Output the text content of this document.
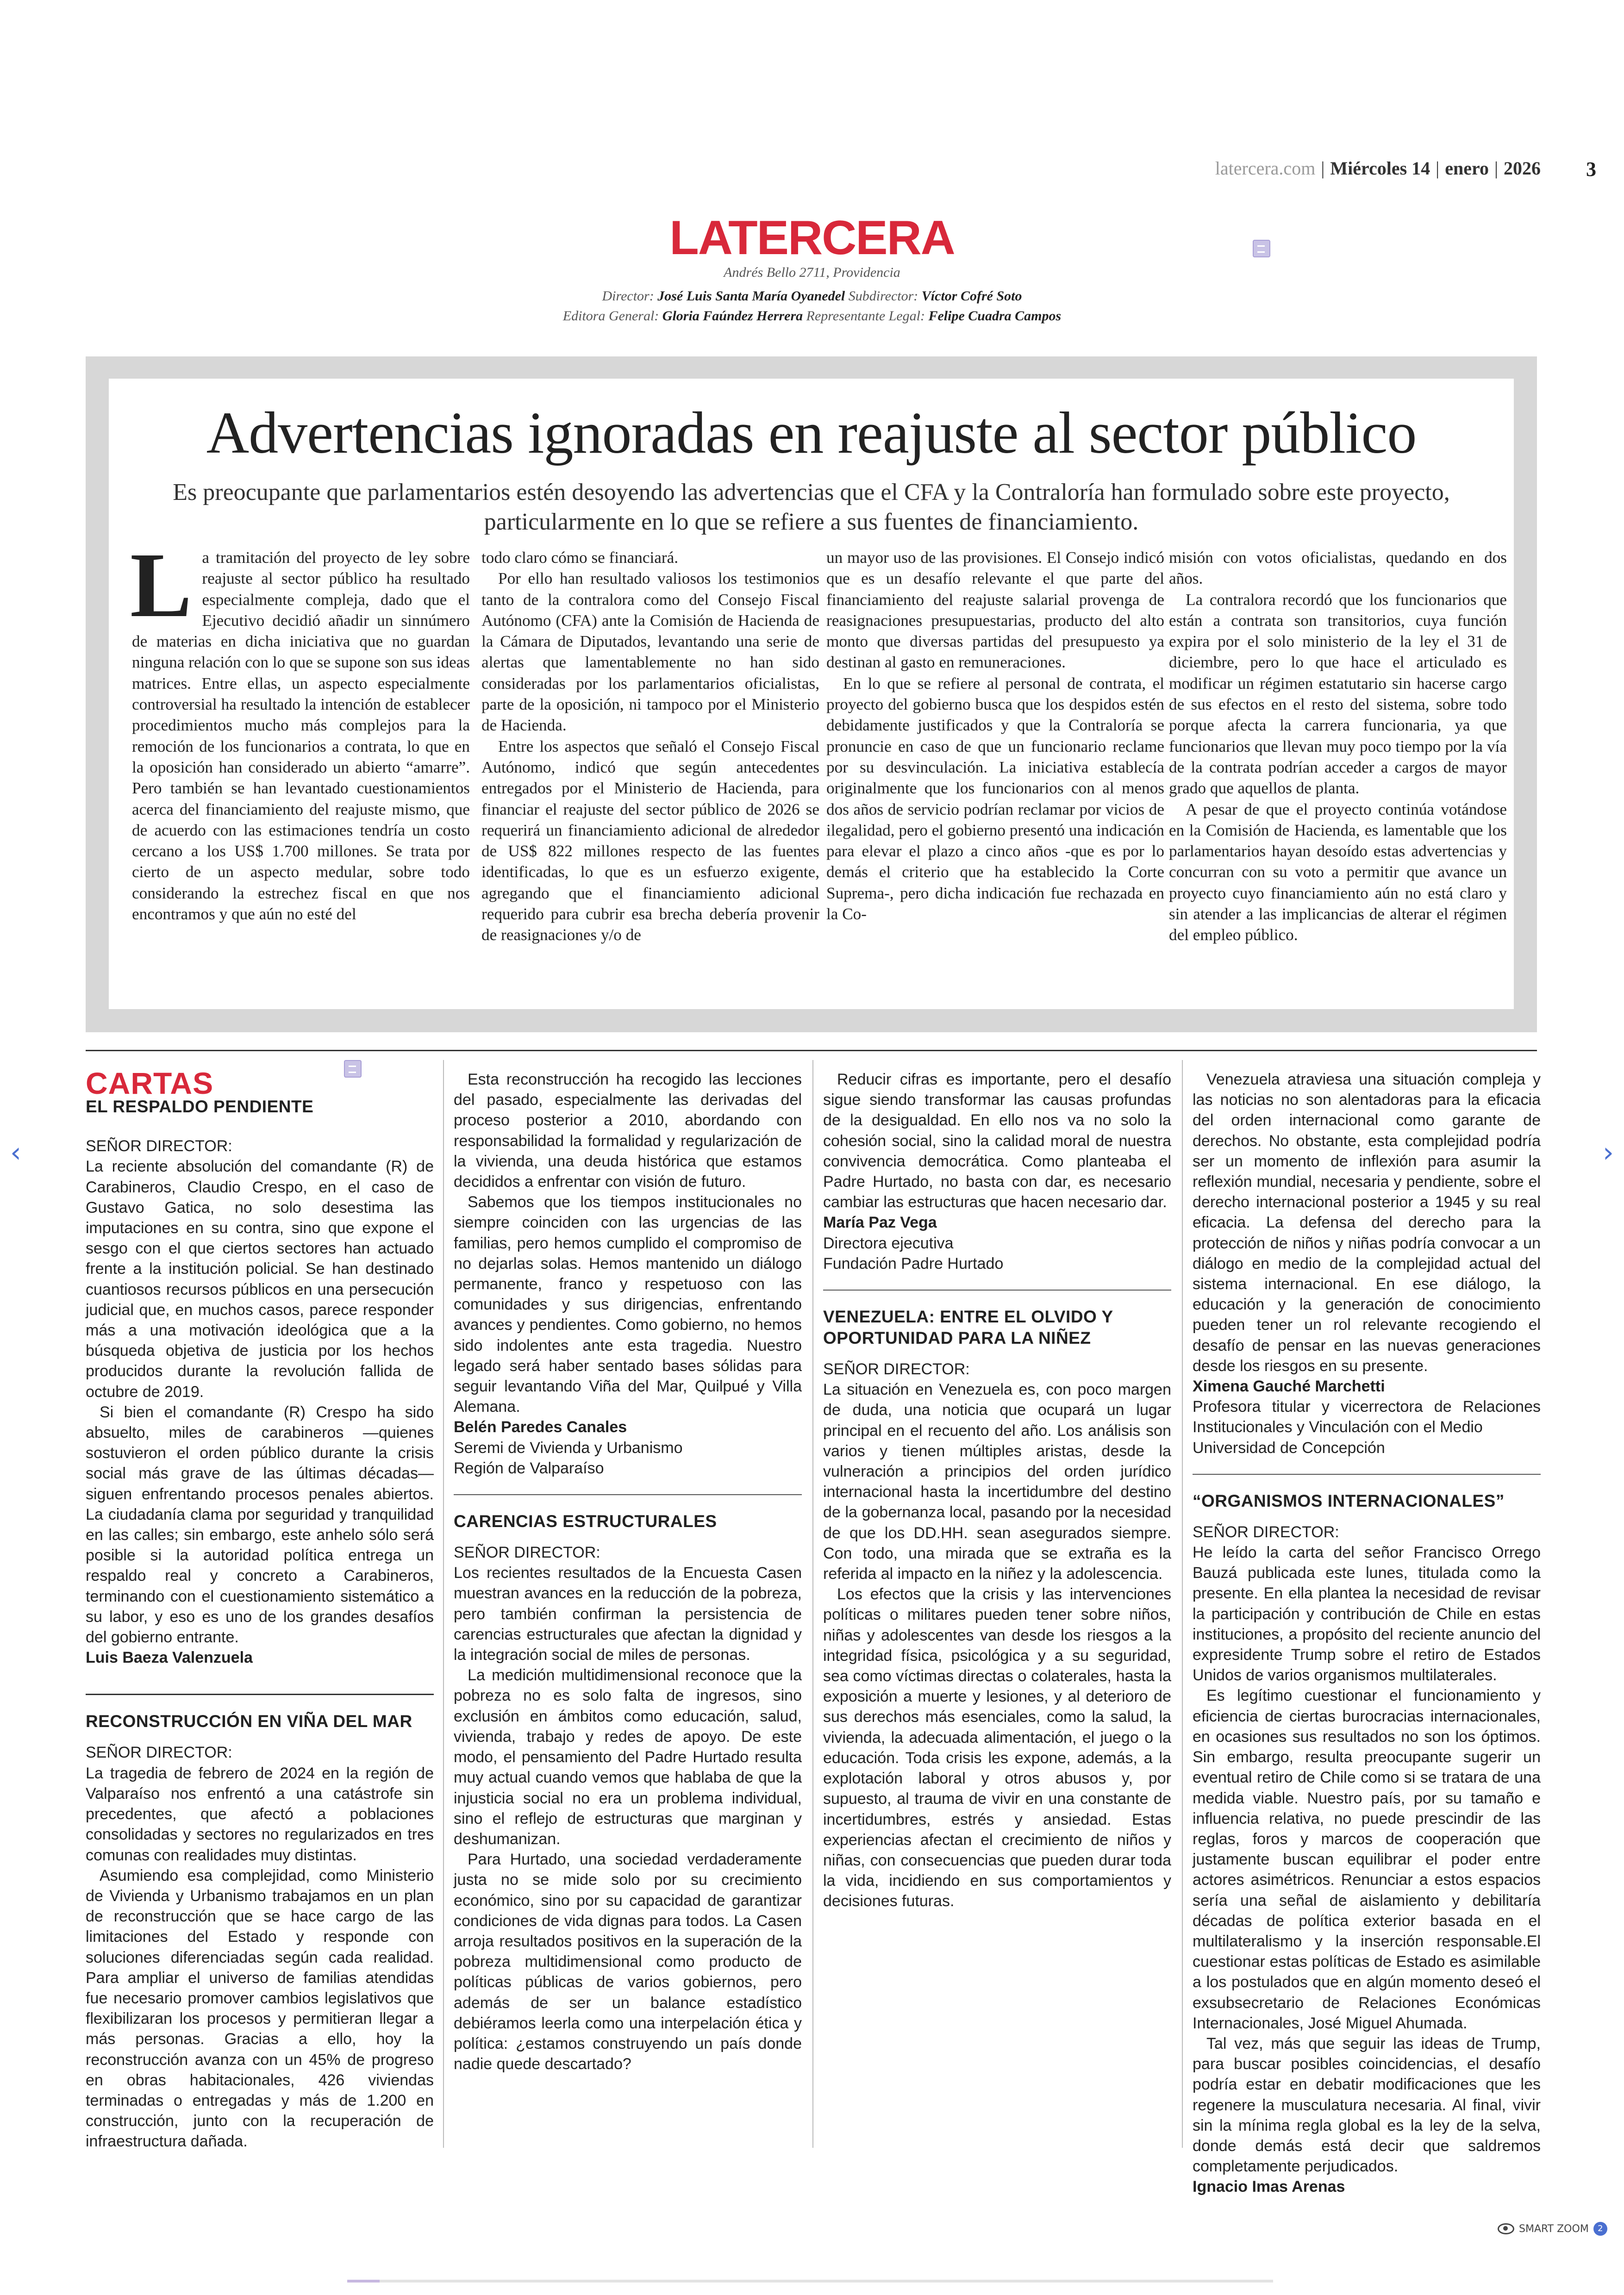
latercera.com | Miércoles 14 | enero | 2026 3
LATERCERA
Andrés Bello 2711, Providencia
Director: José Luis Santa María Oyanedel Subdirector: Víctor Cofré Soto
Editora General: Gloria Faúndez Herrera Representante Legal: Felipe Cuadra Campos
Advertencias ignoradas en reajuste al sector público
Es preocupante que parlamentarios estén desoyendo las advertencias que el CFA y la Contraloría han formulado sobre este proyecto, particularmente en lo que se refiere a sus fuentes de financiamiento.

La tramitación del proyecto de ley sobre reajuste al sector público ha resultado especialmente compleja, dado que el Ejecutivo decidió añadir un sinnúmero de materias en dicha iniciativa que no guardan ninguna relación con lo que se supone son sus ideas matrices. Entre ellas, un aspecto especialmente controversial ha resultado la intención de establecer procedimientos mucho más complejos para la remoción de los funcionarios a contrata, lo que en la oposición han considerado un abierto “amarre”. Pero también se han levantado cuestionamientos acerca del financiamiento del reajuste mismo, que de acuerdo con las estimaciones tendría un costo cercano a los US$ 1.700 millones. Se trata por cierto de un aspecto medular, sobre todo considerando la estrechez fiscal en que nos encontramos y que aún no esté del

todo claro cómo se financiará.

Por ello han resultado valiosos los testimonios tanto de la contralora como del Consejo Fiscal Autónomo (CFA) ante la Comisión de Hacienda de la Cámara de Diputados, levantando una serie de alertas que lamentablemente no han sido consideradas por los parlamentarios oficialistas, parte de la oposición, ni tampoco por el Ministerio de Hacienda.

Entre los aspectos que señaló el Consejo Fiscal Autónomo, indicó que según antecedentes entregados por el Ministerio de Hacienda, para financiar el reajuste del sector público de 2026 se requerirá un financiamiento adicional de alrededor de US$ 822 millones respecto de las fuentes identificadas, lo que es un esfuerzo exigente, agregando que el financiamiento adicional requerido para cubrir esa brecha debería provenir de reasignaciones y/o de

un mayor uso de las provisiones. El Consejo indicó que es un desafío relevante el que parte del financiamiento del reajuste salarial provenga de reasignaciones presupuestarias, producto del alto monto que diversas partidas del presupuesto ya destinan al gasto en remuneraciones.

En lo que se refiere al personal de contrata, el proyecto del gobierno busca que los despidos estén debidamente justificados y que la Contraloría se pronuncie en caso de que un funcionario reclame por su desvinculación. La iniciativa establecía originalmente que los funcionarios con al menos dos años de servicio podrían reclamar por vicios de ilegalidad, pero el gobierno presentó una indicación para elevar el plazo a cinco años -que es por lo demás el criterio que ha establecido la Corte Suprema-, pero dicha indicación fue rechazada en la Co-

misión con votos oficialistas, quedando en dos años.

La contralora recordó que los funcionarios que están a contrata son transitorios, cuya función expira por el solo ministerio de la ley el 31 de diciembre, pero lo que hace el articulado es modificar un régimen estatutario sin hacerse cargo de sus efectos en el resto del sistema, sobre todo porque afecta la carrera funcionaria, ya que funcionarios que llevan muy poco tiempo por la vía de la contrata podrían acceder a cargos de mayor grado que aquellos de planta.

A pesar de que el proyecto continúa votándose en la Comisión de Hacienda, es lamentable que los parlamentarios hayan desoído estas advertencias y concurran con su voto a permitir que avance un proyecto cuyo financiamiento aún no está claro y sin atender a las implicancias de alterar el régimen del empleo público.

CARTAS
EL RESPALDO PENDIENTE

SEÑOR DIRECTOR:

La reciente absolución del comandante (R) de Carabineros, Claudio Crespo, en el caso de Gustavo Gatica, no solo desestima las imputaciones en su contra, sino que expone el sesgo con el que ciertos sectores han actuado frente a la institución policial. Se han destinado cuantiosos recursos públicos en una persecución judicial que, en muchos casos, parece responder más a una motivación ideológica que a la búsqueda objetiva de justicia por los hechos producidos durante la revolución fallida de octubre de 2019.

Si bien el comandante (R) Crespo ha sido absuelto, miles de carabineros —quienes sostuvieron el orden público durante la crisis social más grave de las últimas décadas— siguen enfrentando procesos penales abiertos. La ciudadanía clama por seguridad y tranquilidad en las calles; sin embargo, este anhelo sólo será posible si la autoridad política entrega un respaldo real y concreto a Carabineros, terminando con el cuestionamiento sistemático a su labor, y eso es uno de los grandes desafíos del gobierno entrante.

Luis Baeza Valenzuela

RECONSTRUCCIÓN EN VIÑA DEL MAR

SEÑOR DIRECTOR:

La tragedia de febrero de 2024 en la región de Valparaíso nos enfrentó a una catástrofe sin precedentes, que afectó a poblaciones consolidadas y sectores no regularizados en tres comunas con realidades muy distintas.

Asumiendo esa complejidad, como Ministerio de Vivienda y Urbanismo trabajamos en un plan de reconstrucción que se hace cargo de las limitaciones del Estado y responde con soluciones diferenciadas según cada realidad. Para ampliar el universo de familias atendidas fue necesario promover cambios legislativos que flexibilizaran los procesos y permitieran llegar a más personas. Gracias a ello, hoy la reconstrucción avanza con un 45% de progreso en obras habitacionales, 426 viviendas terminadas o entregadas y más de 1.200 en construcción, junto con la recuperación de infraestructura dañada.

Esta reconstrucción ha recogido las lecciones del pasado, especialmente las derivadas del proceso posterior a 2010, abordando con responsabilidad la formalidad y regularización de la vivienda, una deuda histórica que estamos decididos a enfrentar con visión de futuro.

Sabemos que los tiempos institucionales no siempre coinciden con las urgencias de las familias, pero hemos cumplido el compromiso de no dejarlas solas. Hemos mantenido un diálogo permanente, franco y respetuoso con las comunidades y sus dirigencias, enfrentando avances y pendientes. Como gobierno, no hemos sido indolentes ante esta tragedia. Nuestro legado será haber sentado bases sólidas para seguir levantando Viña del Mar, Quilpué y Villa Alemana.

Belén Paredes Canales

Seremi de Vivienda y Urbanismo

Región de Valparaíso

CARENCIAS ESTRUCTURALES

SEÑOR DIRECTOR:

Los recientes resultados de la Encuesta Casen muestran avances en la reducción de la pobreza, pero también confirman la persistencia de carencias estructurales que afectan la dignidad y la integración social de miles de personas.

La medición multidimensional reconoce que la pobreza no es solo falta de ingresos, sino exclusión en ámbitos como educación, salud, vivienda, trabajo y redes de apoyo. De este modo, el pensamiento del Padre Hurtado resulta muy actual cuando vemos que hablaba de que la injusticia social no era un problema individual, sino el reflejo de estructuras que marginan y deshumanizan.

Para Hurtado, una sociedad verdaderamente justa no se mide solo por su crecimiento económico, sino por su capacidad de garantizar condiciones de vida dignas para todos. La Casen arroja resultados positivos en la superación de la pobreza multidimensional como producto de políticas públicas de varios gobiernos, pero además de ser un balance estadístico debiéramos leerla como una interpelación ética y política: ¿estamos construyendo un país donde nadie quede descartado?

Reducir cifras es importante, pero el desafío sigue siendo transformar las causas profundas de la desigualdad. En ello nos va no solo la cohesión social, sino la calidad moral de nuestra convivencia democrática. Como planteaba el Padre Hurtado, no basta con dar, es necesario cambiar las estructuras que hacen necesario dar.

María Paz Vega

Directora ejecutiva

Fundación Padre Hurtado

VENEZUELA: ENTRE EL OLVIDO Y OPORTUNIDAD PARA LA NIÑEZ

SEÑOR DIRECTOR:

La situación en Venezuela es, con poco margen de duda, una noticia que ocupará un lugar principal en el recuento del año. Los análisis son varios y tienen múltiples aristas, desde la vulneración a principios del orden jurídico internacional hasta la incertidumbre del destino de la gobernanza local, pasando por la necesidad de que los DD.HH. sean asegurados siempre. Con todo, una mirada que se extraña es la referida al impacto en la niñez y la adolescencia.

Los efectos que la crisis y las intervenciones políticas o militares pueden tener sobre niños, niñas y adolescentes van desde los riesgos a la integridad física, psicológica y a su seguridad, sea como víctimas directas o colaterales, hasta la exposición a muerte y lesiones, y al deterioro de sus derechos más esenciales, como la salud, la vivienda, la adecuada alimentación, el juego o la educación. Toda crisis les expone, además, a la explotación laboral y otros abusos y, por supuesto, al trauma de vivir en una constante de incertidumbres, estrés y ansiedad. Estas experiencias afectan el crecimiento de niños y niñas, con consecuencias que pueden durar toda la vida, incidiendo en sus comportamientos y decisiones futuras.

Venezuela atraviesa una situación compleja y las noticias no son alentadoras para la eficacia del orden internacional como garante de derechos. No obstante, esta complejidad podría ser un momento de inflexión para asumir la reflexión mundial, necesaria y pendiente, sobre el derecho internacional posterior a 1945 y su real eficacia. La defensa del derecho para la protección de niños y niñas podría convocar a un diálogo en medio de la complejidad actual del sistema internacional. En ese diálogo, la educación y la generación de conocimiento pueden tener un rol relevante recogiendo el desafío de pensar en las nuevas generaciones desde los riesgos en su presente.

Ximena Gauché Marchetti

Profesora titular y vicerrectora de Relaciones Institucionales y Vinculación con el Medio

Universidad de Concepción

“ORGANISMOS INTERNACIONALES”

SEÑOR DIRECTOR:

He leído la carta del señor Francisco Orrego Bauzá publicada este lunes, titulada como la presente. En ella plantea la necesidad de revisar la participación y contribución de Chile en estas instituciones, a propósito del reciente anuncio del expresidente Trump sobre el retiro de Estados Unidos de varios organismos multilaterales.

Es legítimo cuestionar el funcionamiento y eficiencia de ciertas burocracias internacionales, en ocasiones sus resultados no son los óptimos. Sin embargo, resulta preocupante sugerir un eventual retiro de Chile como si se tratara de una medida viable. Nuestro país, por su tamaño e influencia relativa, no puede prescindir de las reglas, foros y marcos de cooperación que justamente buscan equilibrar el poder entre actores asimétricos. Renunciar a estos espacios sería una señal de aislamiento y debilitaría décadas de política exterior basada en el multilateralismo y la inserción responsable.El cuestionar estas políticas de Estado es asimilable a los postulados que en algún momento deseó el exsubsecretario de Relaciones Económicas Internacionales, José Miguel Ahumada.

Tal vez, más que seguir las ideas de Trump, para buscar posibles coincidencias, el desafío podría estar en debatir modificaciones que les regenere la musculatura necesaria. Al final, vivir sin la mínima regla global es la ley de la selva, donde demás está decir que saldremos completamente perjudicados.

Ignacio Imas Arenas

‹	›
SMART ZOOM	2
